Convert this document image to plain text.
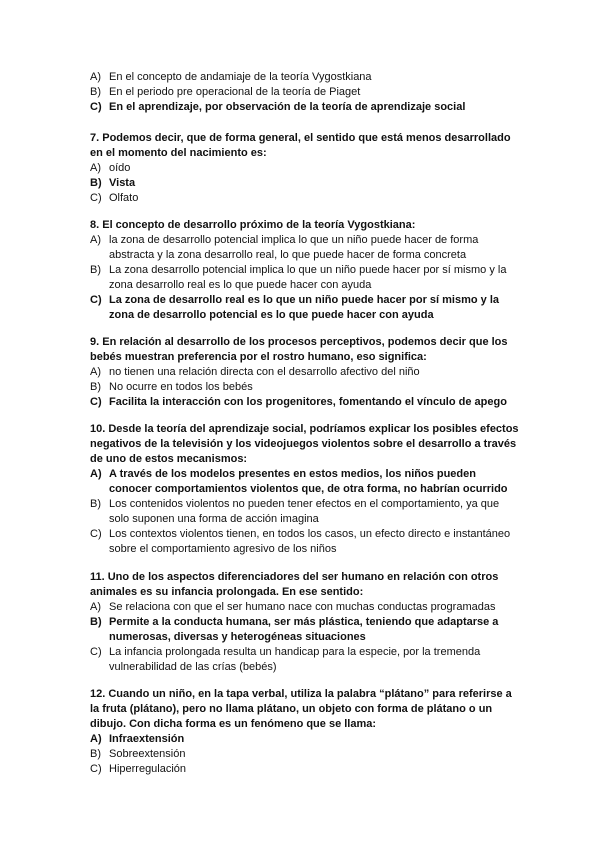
A) En el concepto de andamiaje de la teoría Vygostkiana
B) En el periodo pre operacional de la teoría de Piaget
C) En el aprendizaje, por observación de la teoría de aprendizaje social

7. Podemos decir, que de forma general, el sentido que está menos desarrollado en el momento del nacimiento es:

A) oído
B) Vista
C) Olfato

8. El concepto de desarrollo próximo de la teoría Vygostkiana:

A) la zona de desarrollo potencial implica lo que un niño puede hacer de forma abstracta y la zona desarrollo real, lo que puede hacer de forma concreta
B) La zona desarrollo potencial implica lo que un niño puede hacer por sí mismo y la zona desarrollo real es lo que puede hacer con ayuda
C) La zona de desarrollo real es lo que un niño puede hacer por sí mismo y la zona de desarrollo potencial es lo que puede hacer con ayuda

9. En relación al desarrollo de los procesos perceptivos, podemos decir que los bebés muestran preferencia por el rostro humano, eso significa:

A) no tienen una relación directa con el desarrollo afectivo del niño
B) No ocurre en todos los bebés
C) Facilita la interacción con los progenitores, fomentando el vínculo de apego

10. Desde la teoría del aprendizaje social, podríamos explicar los posibles efectos negativos de la televisión y los videojuegos violentos sobre el desarrollo a través de uno de estos mecanismos:

A) A través de los modelos presentes en estos medios, los niños pueden conocer comportamientos violentos que, de otra forma, no habrían ocurrido
B) Los contenidos violentos no pueden tener efectos en el comportamiento, ya que solo suponen una forma de acción imagina
C) Los contextos violentos tienen, en todos los casos, un efecto directo e instantáneo sobre el comportamiento agresivo de los niños

11. Uno de los aspectos diferenciadores del ser humano en relación con otros animales es su infancia prolongada. En ese sentido:

A) Se relaciona con que el ser humano nace con muchas conductas programadas
B) Permite a la conducta humana, ser más plástica, teniendo que adaptarse a numerosas, diversas y heterogéneas situaciones
C) La infancia prolongada resulta un handicap para la especie, por la tremenda vulnerabilidad de las crías (bebés)

12. Cuando un niño, en la tapa verbal, utiliza la palabra “plátano” para referirse a la fruta (plátano), pero no llama plátano, un objeto con forma de plátano o un dibujo. Con dicha forma es un fenómeno que se llama:

A) Infraextensión
B) Sobreextensión
C) Hiperregulación
